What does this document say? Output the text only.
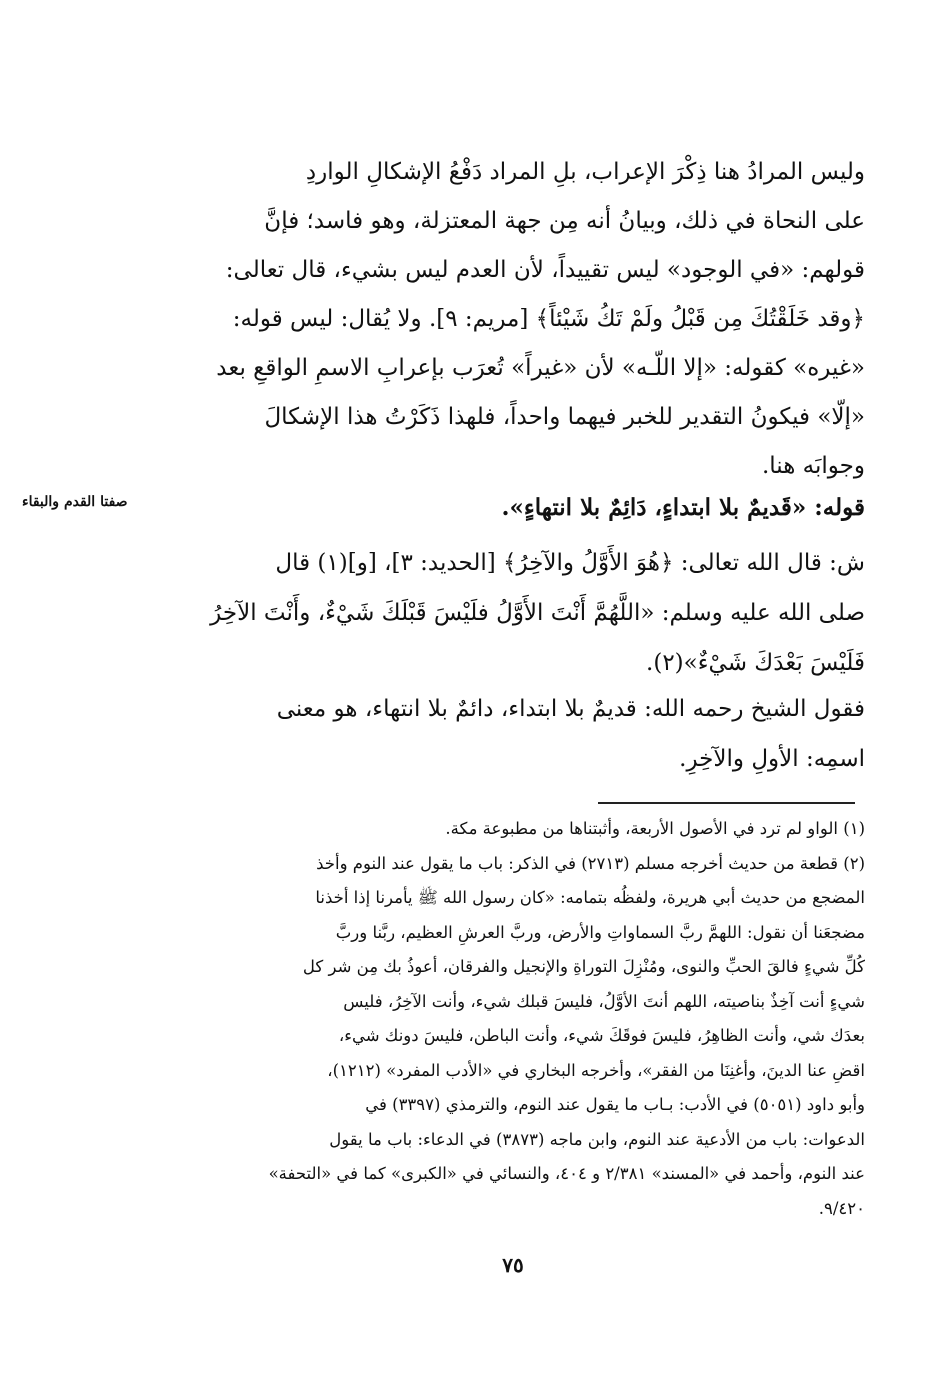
وليس المرادُ هنا ذِكْرَ الإعراب، بلِ المراد دَفْعُ الإشكالِ الواردِ
على النحاة في ذلك، وبيانُ أنه مِن جهة المعتزلة، وهو فاسد؛ فإنَّ
قولهم: «في الوجود» ليس تقييداً، لأن العدم ليس بشيء، قال تعالى:
﴿وقد خَلَقْتُكَ مِن قَبْلُ ولَمْ تَكُ شَيْئاً﴾ [مريم: ٩]. ولا يُقال: ليس قوله:
«غيره» كقوله: «إلا اللّـه» لأن «غيراً» تُعرَب بإعرابِ الاسمِ الواقعِ بعد
«إلّا» فيكونُ التقدير للخبر فيهما واحداً، فلهذا ذَكَرْتُ هذا الإشكالَ
وجوابَه هنا.
قوله: «قَديمٌ بلا ابتداءٍ، دَائِمٌ بلا انتهاءٍ».
صفتا القدم والبقاء
ش: قال الله تعالى: ﴿هُوَ الأَوَّلُ والآخِرُ﴾ [الحديد: ٣]، [و](١) قال
صلى الله عليه وسلم: «اللَّهُمَّ أَنْتَ الأَوَّلُ فلَيْسَ قَبْلَكَ شَيْءٌ، وأَنْتَ الآخِرُ
فَلَيْسَ بَعْدَكَ شَيْءٌ»(٢).
فقول الشيخ رحمه الله: قديمٌ بلا ابتداء، دائمٌ بلا انتهاء، هو معنى
اسمِه: الأولِ والآخِرِ.
(١) الواو لم ترد في الأصول الأربعة، وأثبتناها من مطبوعة مكة.
(٢) قطعة من حديث أخرجه مسلم (٢٧١٣) في الذكر: باب ما يقول عند النوم وأخذ
المضجع من حديث أبي هريرة، ولفظُه بتمامه: «كان رسول الله ﷺ يأمرنا إذا أخذنا
مضجعَنا أن نقول: اللهمَّ ربَّ السماواتِ والأرض، وربَّ العرشِ العظيم، ربَّنا وربَّ
كُلِّ شيءٍ فالقَ الحبِّ والنوى، ومُنْزِلَ التوراةِ والإنجيل والفرقان، أعوذُ بك مِن شر كل
شيءٍ أنت آخِذٌ بناصيته، اللهم أنتَ الأوَّلُ، فليسَ قبلك شيء، وأنت الآخِرُ، فليس
بعدَك شي، وأنت الظاهِرُ، فليسَ فوقَكَ شيء، وأنت الباطن، فليسَ دونك شيء،
اقضِ عنا الدينَ، وأغنِنَا من الفقر»، وأخرجه البخاري في «الأدب المفرد» (١٢١٢)،
وأبو داود (٥٠٥١) في الأدب: بـاب ما يقول عند النوم، والترمذي (٣٣٩٧) في
الدعوات: باب من الأدعية عند النوم، وابن ماجه (٣٨٧٣) في الدعاء: باب ما يقول
عند النوم، وأحمد في «المسند» ٢/٣٨١ و ٤٠٤، والنسائي في «الكبرى» كما في «التحفة»
٩/٤٢٠.
٧٥
